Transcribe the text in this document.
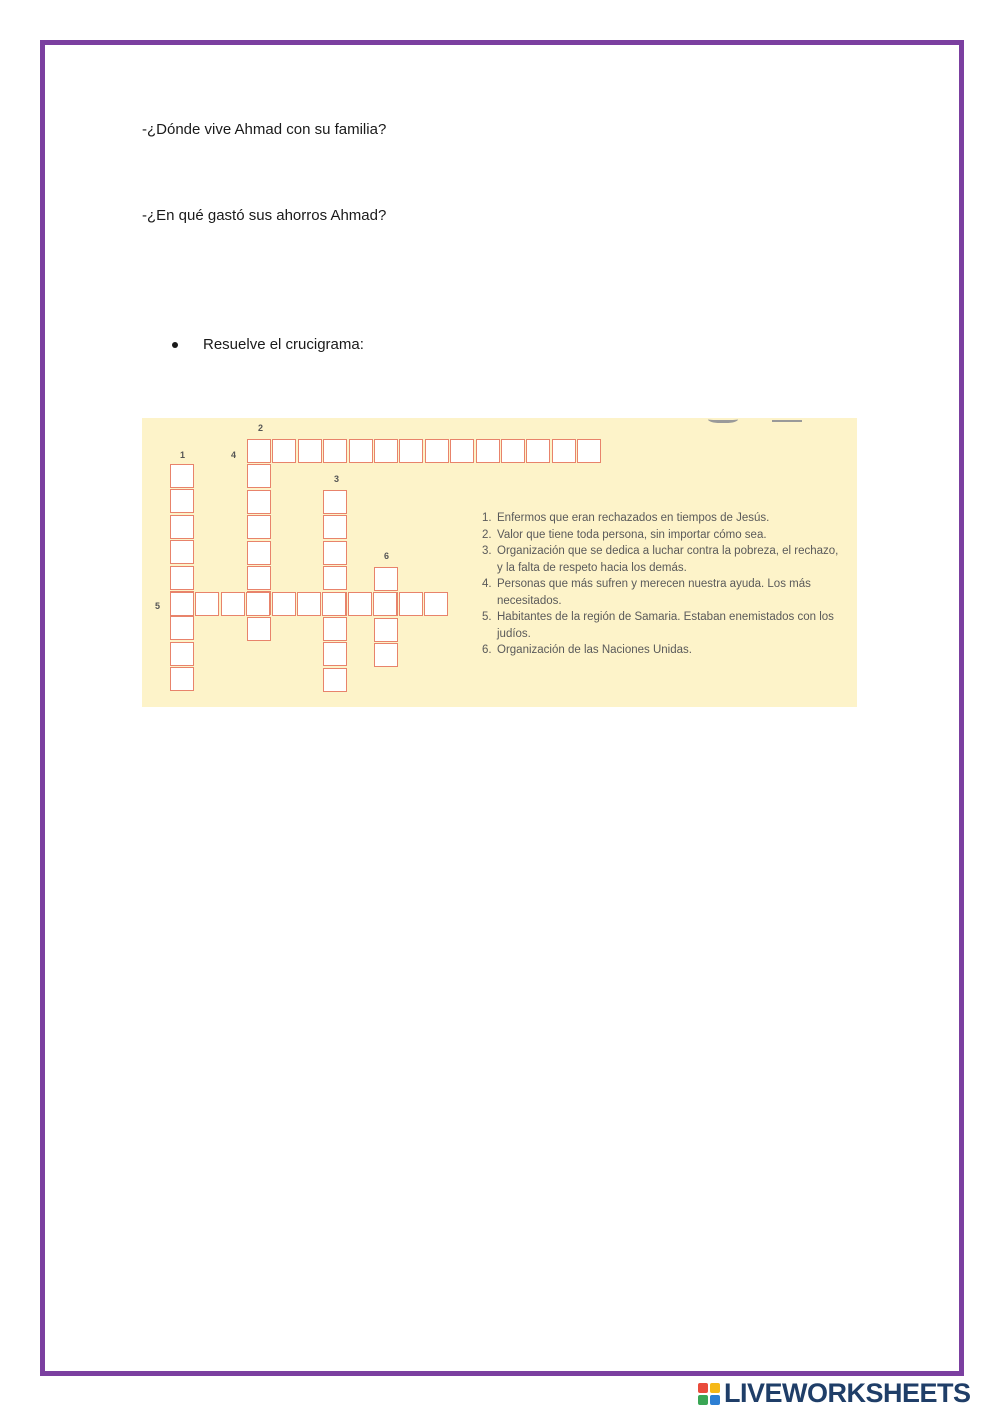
-¿Dónde vive Ahmad con su familia?
-¿En qué gastó sus ahorros Ahmad?
Resuelve el crucigrama:
2
1	4
3
6
5
1. Enfermos que eran rechazados en tiempos de Jesús.
2. Valor que tiene toda persona, sin importar cómo sea.
3. Organización que se dedica a luchar contra la pobreza, el rechazo, y la falta de respeto hacia los demás.
4. Personas que más sufren y merecen nuestra ayuda. Los más necesitados.
5. Habitantes de la región de Samaria. Estaban enemistados con los judíos.
6. Organización de las Naciones Unidas.
LIVEWORKSHEETS
